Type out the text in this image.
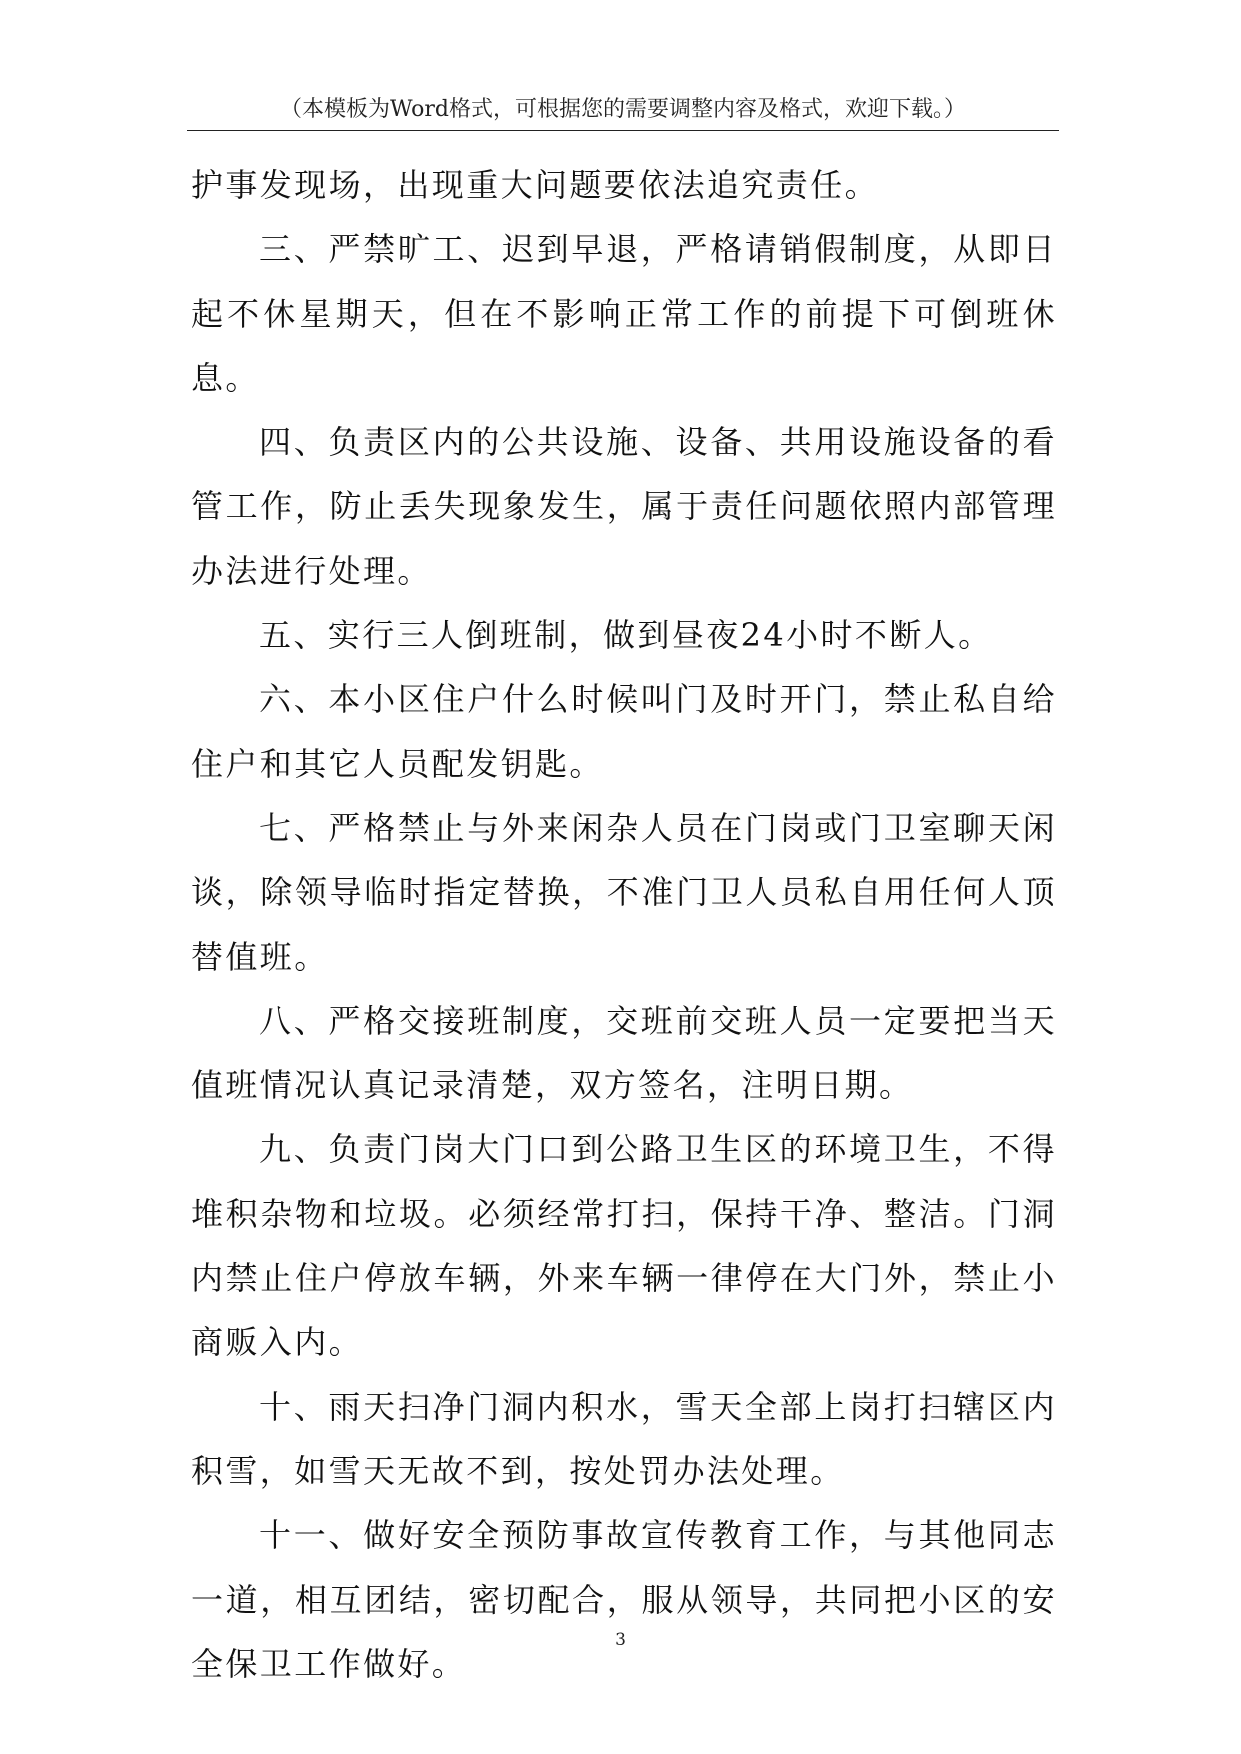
（本模板为Word格式，可根据您的需要调整内容及格式，欢迎下载。）

护事发现场，出现重大问题要依法追究责任。

三、严禁旷工、迟到早退，严格请销假制度，从即日起不休星期天，但在不影响正常工作的前提下可倒班休息。

四、负责区内的公共设施、设备、共用设施设备的看管工作，防止丢失现象发生，属于责任问题依照内部管理办法进行处理。

五、实行三人倒班制，做到昼夜24小时不断人。

六、本小区住户什么时候叫门及时开门，禁止私自给住户和其它人员配发钥匙。

七、严格禁止与外来闲杂人员在门岗或门卫室聊天闲谈，除领导临时指定替换，不准门卫人员私自用任何人顶替值班。

八、严格交接班制度，交班前交班人员一定要把当天值班情况认真记录清楚，双方签名，注明日期。

九、负责门岗大门口到公路卫生区的环境卫生，不得堆积杂物和垃圾。必须经常打扫，保持干净、整洁。门洞内禁止住户停放车辆，外来车辆一律停在大门外，禁止小商贩入内。

十、雨天扫净门洞内积水，雪天全部上岗打扫辖区内积雪，如雪天无故不到，按处罚办法处理。

十一、做好安全预防事故宣传教育工作，与其他同志一道，相互团结，密切配合，服从领导，共同把小区的安全保卫工作做好。

3
